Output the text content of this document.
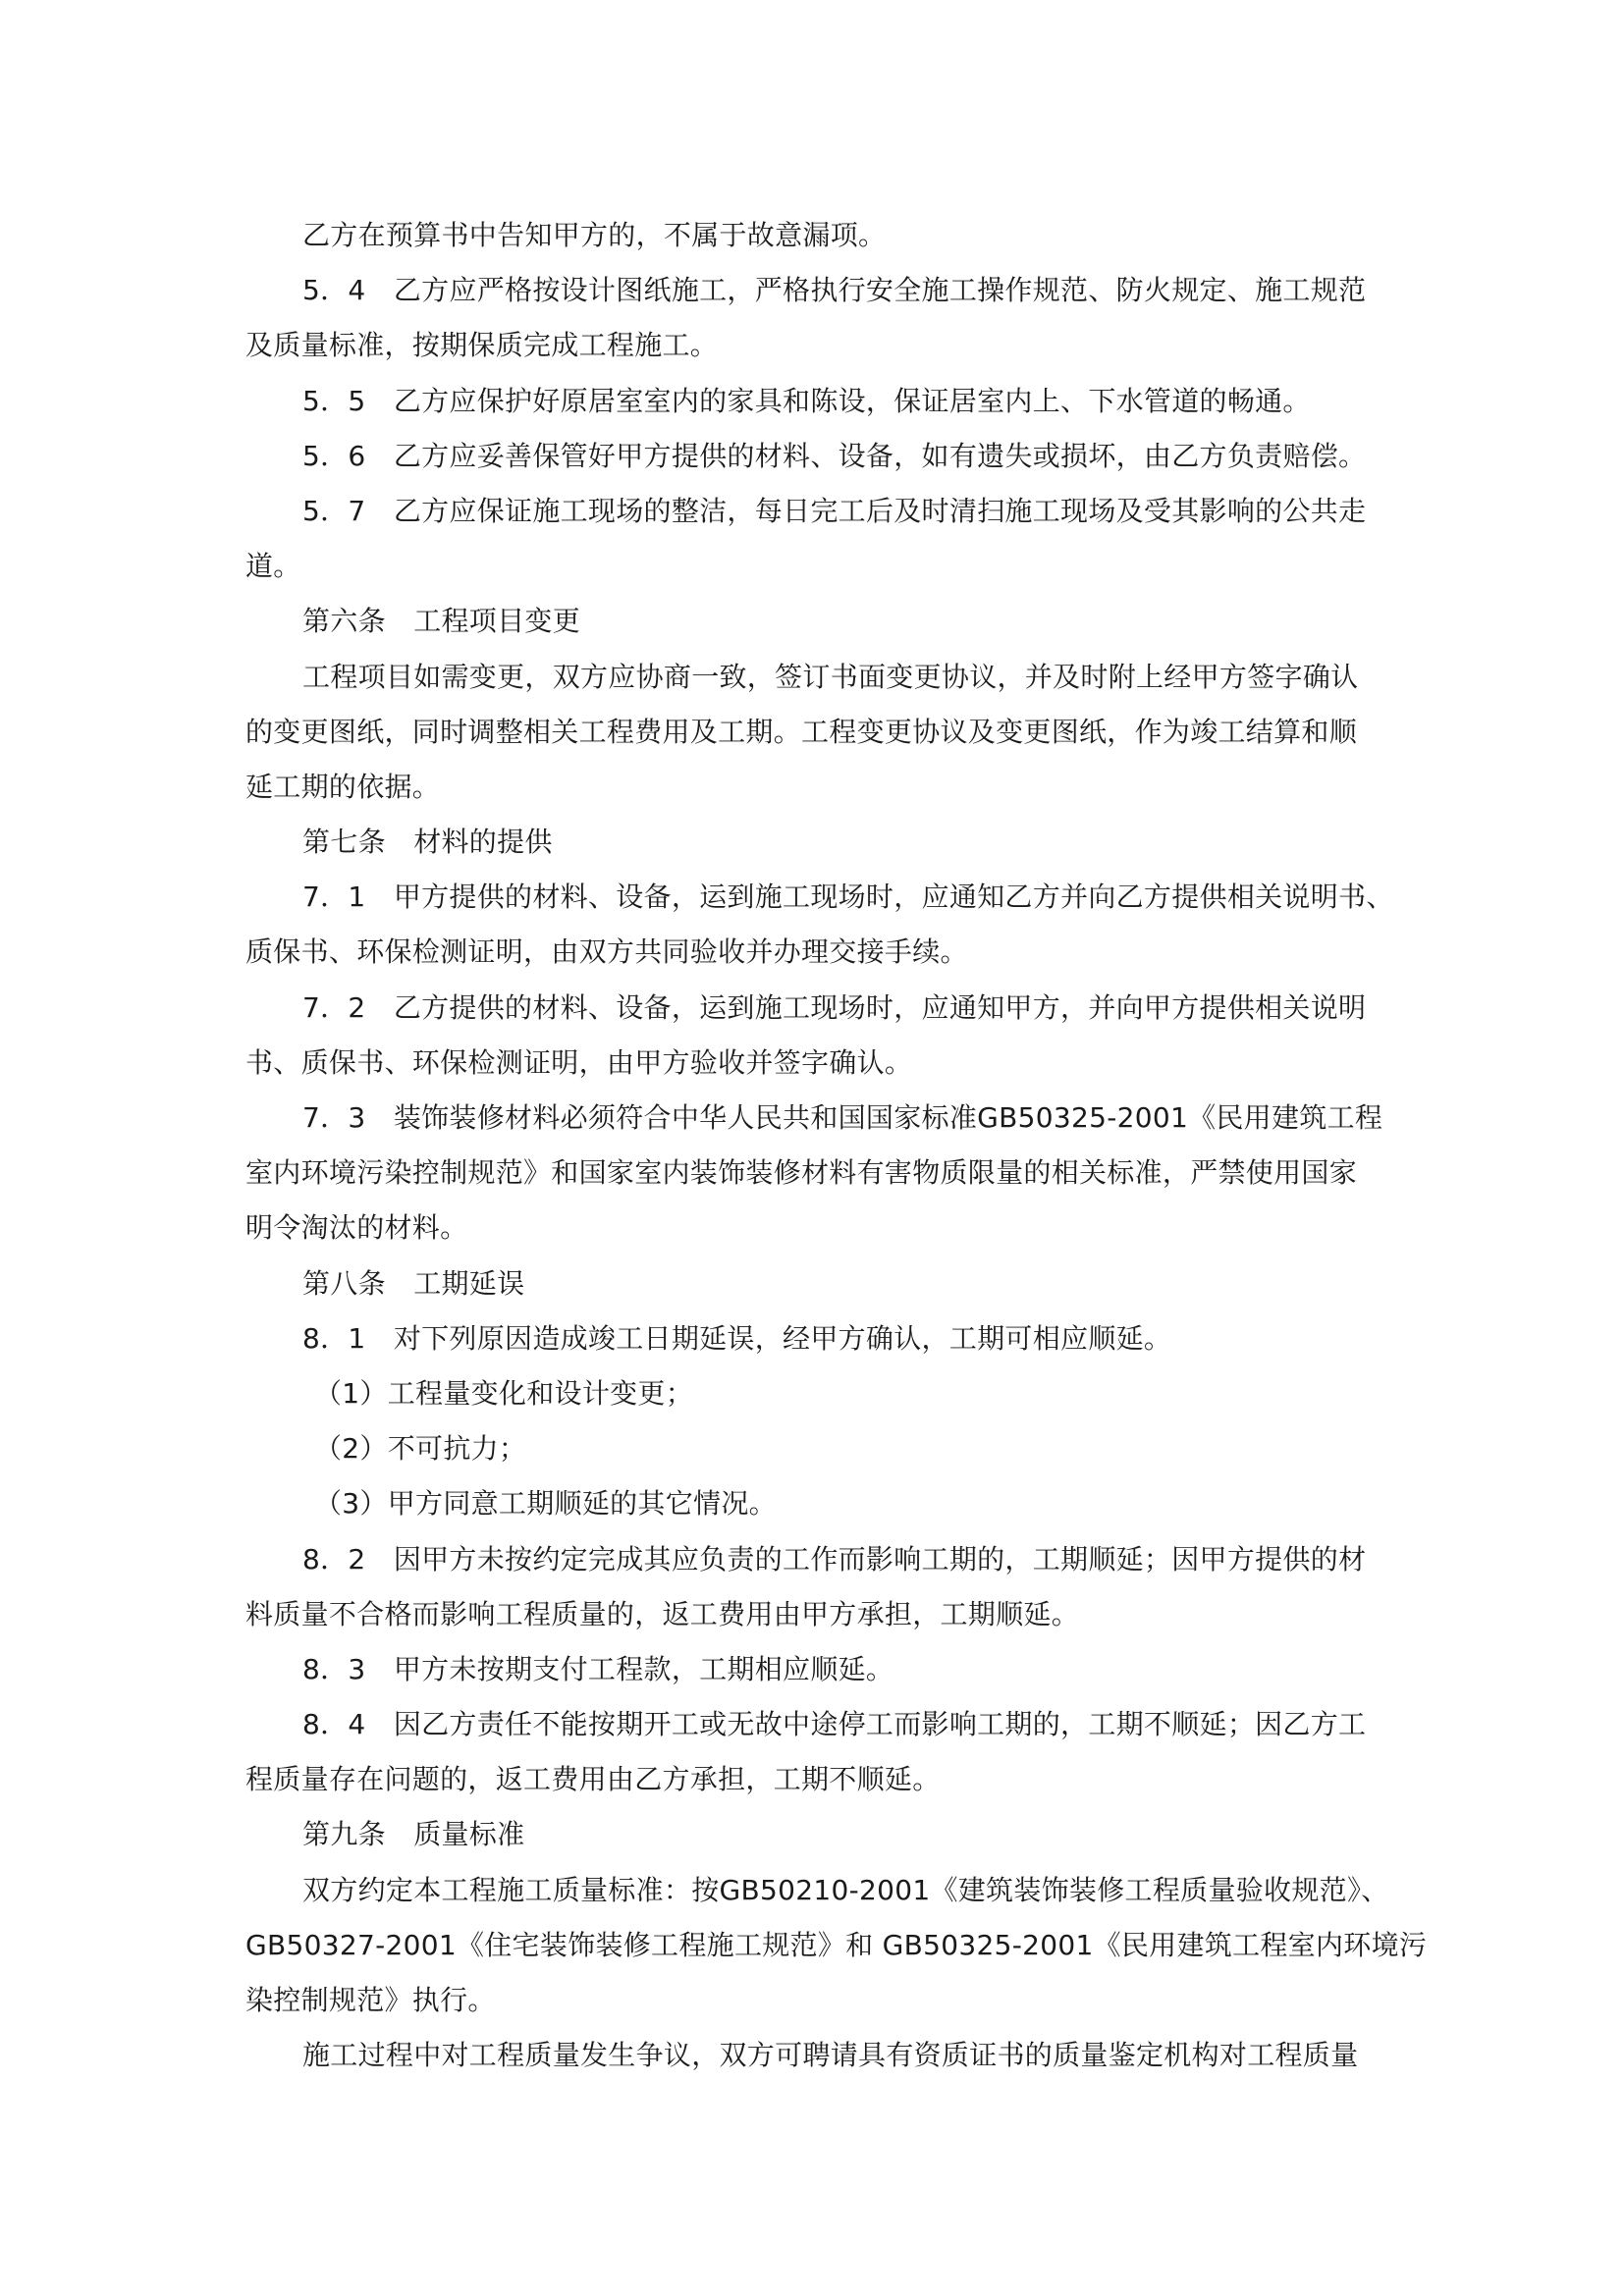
乙方在预算书中告知甲方的，不属于故意漏项。
5．4　乙方应严格按设计图纸施工，严格执行安全施工操作规范、防火规定、施工规范
及质量标准，按期保质完成工程施工。
5．5　乙方应保护好原居室室内的家具和陈设，保证居室内上、下水管道的畅通。
5．6　乙方应妥善保管好甲方提供的材料、设备，如有遗失或损坏，由乙方负责赔偿。
5．7　乙方应保证施工现场的整洁，每日完工后及时清扫施工现场及受其影响的公共走
道。
第六条　工程项目变更
工程项目如需变更，双方应协商一致，签订书面变更协议，并及时附上经甲方签字确认
的变更图纸，同时调整相关工程费用及工期。工程变更协议及变更图纸，作为竣工结算和顺
延工期的依据。
第七条　材料的提供
7．1　甲方提供的材料、设备，运到施工现场时，应通知乙方并向乙方提供相关说明书、
质保书、环保检测证明，由双方共同验收并办理交接手续。
7．2　乙方提供的材料、设备，运到施工现场时，应通知甲方，并向甲方提供相关说明
书、质保书、环保检测证明，由甲方验收并签字确认。
7．3　装饰装修材料必须符合中华人民共和国国家标准GB50325-2001《民用建筑工程
室内环境污染控制规范》和国家室内装饰装修材料有害物质限量的相关标准，严禁使用国家
明令淘汰的材料。
第八条　工期延误
8．1　对下列原因造成竣工日期延误，经甲方确认，工期可相应顺延。
（1）工程量变化和设计变更；
（2）不可抗力；
（3）甲方同意工期顺延的其它情况。
8．2　因甲方未按约定完成其应负责的工作而影响工期的，工期顺延；因甲方提供的材
料质量不合格而影响工程质量的，返工费用由甲方承担，工期顺延。
8．3　甲方未按期支付工程款，工期相应顺延。
8．4　因乙方责任不能按期开工或无故中途停工而影响工期的，工期不顺延；因乙方工
程质量存在问题的，返工费用由乙方承担，工期不顺延。
第九条　质量标准
双方约定本工程施工质量标准：按GB50210-2001《建筑装饰装修工程质量验收规范》、
GB50327-2001《住宅装饰装修工程施工规范》和 GB50325-2001《民用建筑工程室内环境污
染控制规范》执行。
施工过程中对工程质量发生争议，双方可聘请具有资质证书的质量鉴定机构对工程质量
